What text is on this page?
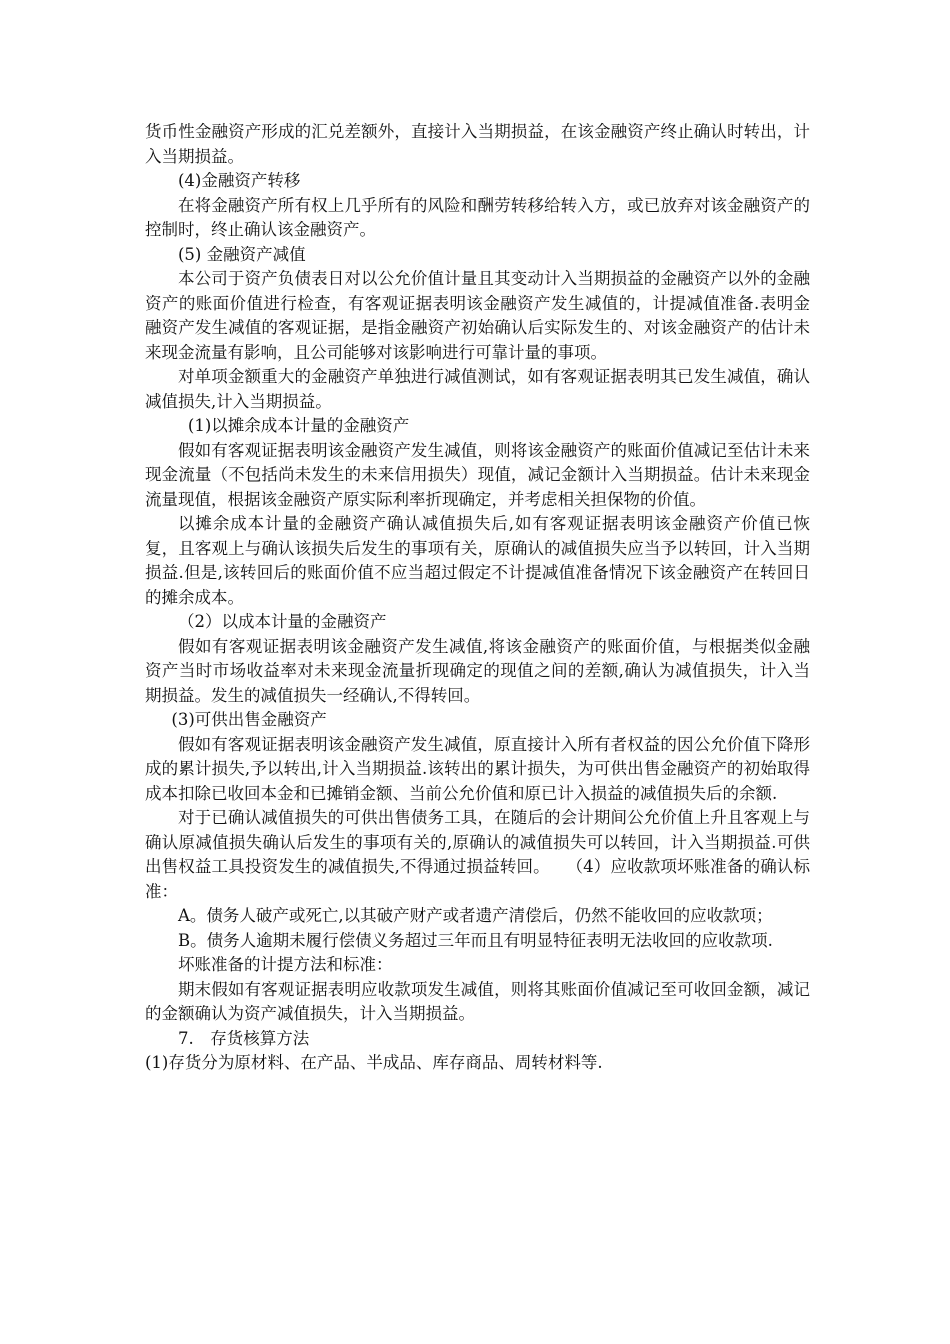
货币性金融资产形成的汇兑差额外，直接计入当期损益，在该金融资产终止确认时转出，计入当期损益。

(4)金融资产转移

在将金融资产所有权上几乎所有的风险和酬劳转移给转入方，或已放弃对该金融资产的控制时，终止确认该金融资产。

(5) 金融资产减值

本公司于资产负债表日对以公允价值计量且其变动计入当期损益的金融资产以外的金融资产的账面价值进行检查，有客观证据表明该金融资产发生减值的，计提减值准备.表明金融资产发生减值的客观证据，是指金融资产初始确认后实际发生的、对该金融资产的估计未来现金流量有影响，且公司能够对该影响进行可靠计量的事项。

对单项金额重大的金融资产单独进行减值测试，如有客观证据表明其已发生减值，确认减值损失,计入当期损益。

(1)以摊余成本计量的金融资产

假如有客观证据表明该金融资产发生减值，则将该金融资产的账面价值减记至估计未来现金流量（不包括尚未发生的未来信用损失）现值，减记金额计入当期损益。估计未来现金流量现值，根据该金融资产原实际利率折现确定，并考虑相关担保物的价值。

以摊余成本计量的金融资产确认减值损失后,如有客观证据表明该金融资产价值已恢复，且客观上与确认该损失后发生的事项有关，原确认的减值损失应当予以转回，计入当期损益.但是,该转回后的账面价值不应当超过假定不计提减值准备情况下该金融资产在转回日的摊余成本。

（2）以成本计量的金融资产

假如有客观证据表明该金融资产发生减值,将该金融资产的账面价值，与根据类似金融资产当时市场收益率对未来现金流量折现确定的现值之间的差额,确认为减值损失，计入当期损益。发生的减值损失一经确认,不得转回。

(3)可供出售金融资产

假如有客观证据表明该金融资产发生减值，原直接计入所有者权益的因公允价值下降形成的累计损失,予以转出,计入当期损益.该转出的累计损失，为可供出售金融资产的初始取得成本扣除已收回本金和已摊销金额、当前公允价值和原已计入损益的减值损失后的余额.

对于已确认减值损失的可供出售债务工具，在随后的会计期间公允价值上升且客观上与确认原减值损失确认后发生的事项有关的,原确认的减值损失可以转回，计入当期损益.可供出售权益工具投资发生的减值损失,不得通过损益转回。　　（4）应收款项坏账准备的确认标准：

A。债务人破产或死亡,以其破产财产或者遗产清偿后，仍然不能收回的应收款项；

B。债务人逾期未履行偿债义务超过三年而且有明显特征表明无法收回的应收款项.

坏账准备的计提方法和标准：

期末假如有客观证据表明应收款项发生减值，则将其账面价值减记至可收回金额，减记的金额确认为资产减值损失，计入当期损益。

7.　存货核算方法

(1)存货分为原材料、在产品、半成品、库存商品、周转材料等.
